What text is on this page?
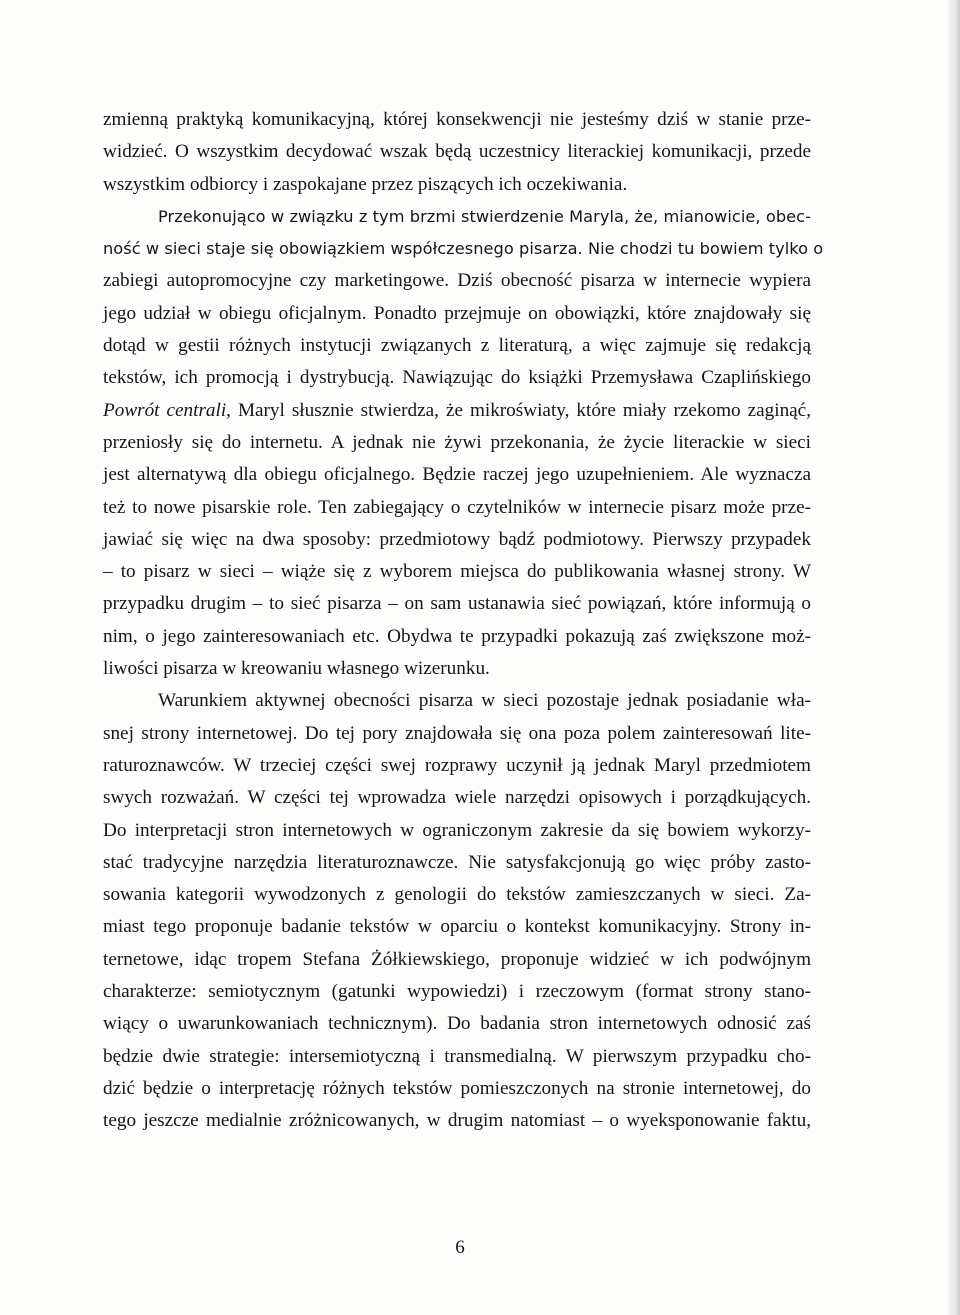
zmienną praktyką komunikacyjną, której konsekwencji nie jesteśmy dziś w stanie prze-
widzieć. O wszystkim decydować wszak będą uczestnicy literackiej komunikacji, przede
wszystkim odbiorcy i zaspokajane przez piszących ich oczekiwania.
Przekonująco w związku z tym brzmi stwierdzenie Maryla, że, mianowicie, obec-
ność w sieci staje się obowiązkiem współczesnego pisarza. Nie chodzi tu bowiem tylko o
zabiegi autopromocyjne czy marketingowe. Dziś obecność pisarza w internecie wypiera
jego udział w obiegu oficjalnym. Ponadto przejmuje on obowiązki, które znajdowały się
dotąd w gestii różnych instytucji związanych z literaturą, a więc zajmuje się redakcją
tekstów, ich promocją i dystrybucją. Nawiązując do książki Przemysława Czaplińskiego
Powrót centrali, Maryl słusznie stwierdza, że mikroświaty, które miały rzekomo zaginąć,
przeniosły się do internetu. A jednak nie żywi przekonania, że życie literackie w sieci
jest alternatywą dla obiegu oficjalnego. Będzie raczej jego uzupełnieniem. Ale wyznacza
też to nowe pisarskie role. Ten zabiegający o czytelników w internecie pisarz może prze-
jawiać się więc na dwa sposoby: przedmiotowy bądź podmiotowy. Pierwszy przypadek
– to pisarz w sieci – wiąże się z wyborem miejsca do publikowania własnej strony. W
przypadku drugim – to sieć pisarza – on sam ustanawia sieć powiązań, które informują o
nim, o jego zainteresowaniach etc. Obydwa te przypadki pokazują zaś zwiększone moż-
liwości pisarza w kreowaniu własnego wizerunku.
Warunkiem aktywnej obecności pisarza w sieci pozostaje jednak posiadanie wła-
snej strony internetowej. Do tej pory znajdowała się ona poza polem zainteresowań lite-
raturoznawców. W trzeciej części swej rozprawy uczynił ją jednak Maryl przedmiotem
swych rozważań. W części tej wprowadza wiele narzędzi opisowych i porządkujących.
Do interpretacji stron internetowych w ograniczonym zakresie da się bowiem wykorzy-
stać tradycyjne narzędzia literaturoznawcze. Nie satysfakcjonują go więc próby zasto-
sowania kategorii wywodzonych z genologii do tekstów zamieszczanych w sieci. Za-
miast tego proponuje badanie tekstów w oparciu o kontekst komunikacyjny. Strony in-
ternetowe, idąc tropem Stefana Żółkiewskiego, proponuje widzieć w ich podwójnym
charakterze: semiotycznym (gatunki wypowiedzi) i rzeczowym (format strony stano-
wiący o uwarunkowaniach technicznym). Do badania stron internetowych odnosić zaś
będzie dwie strategie: intersemiotyczną i transmedialną. W pierwszym przypadku cho-
dzić będzie o interpretację różnych tekstów pomieszczonych na stronie internetowej, do
tego jeszcze medialnie zróżnicowanych, w drugim natomiast – o wyeksponowanie faktu,
6
